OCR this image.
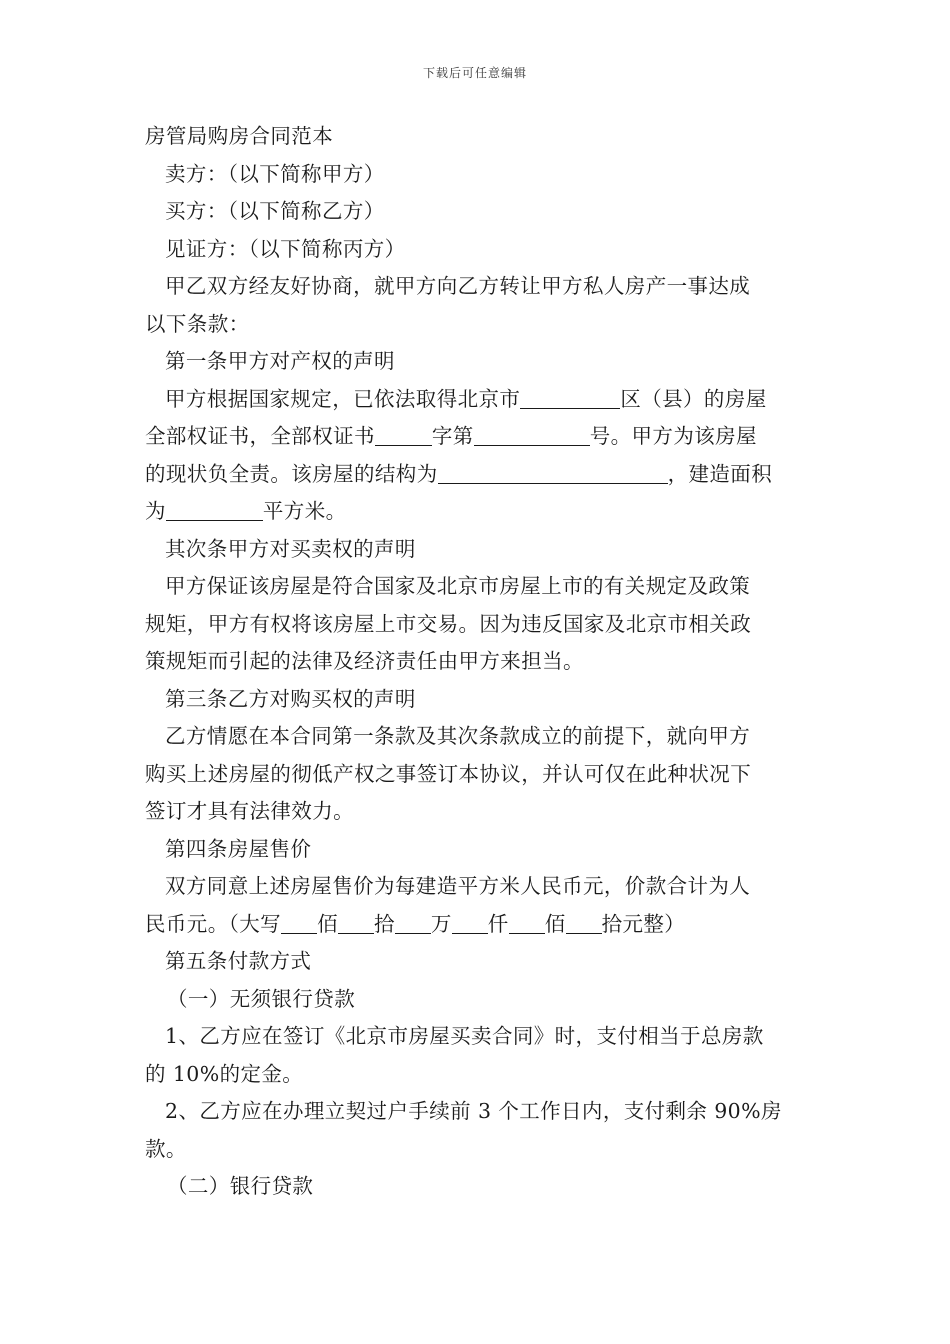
下载后可任意编辑
房管局购房合同范本
卖方：（以下简称甲方）
买方：（以下简称乙方）
见证方：（以下简称丙方）
甲乙双方经友好协商，就甲方向乙方转让甲方私人房产一事达成
以下条款：
第一条甲方对产权的声明
甲方根据国家规定，已依法取得北京市	区（县）的房屋
全部权证书，全部权证书	字第	号。甲方为该房屋
的现状负全责。该房屋的结构为	，建造面积
为	平方米。
其次条甲方对买卖权的声明
甲方保证该房屋是符合国家及北京市房屋上市的有关规定及政策
规矩，甲方有权将该房屋上市交易。因为违反国家及北京市相关政
策规矩而引起的法律及经济责任由甲方来担当。
第三条乙方对购买权的声明
乙方情愿在本合同第一条款及其次条款成立的前提下，就向甲方
购买上述房屋的彻低产权之事签订本协议，并认可仅在此种状况下
签订才具有法律效力。
第四条房屋售价
双方同意上述房屋售价为每建造平方米人民币元，价款合计为人
民币元。（大写 佰 拾 万 仟 佰 拾元整）
第五条付款方式
（一）无须银行贷款
1、乙方应在签订《北京市房屋买卖合同》时，支付相当于总房款
的 10%的定金。
2、乙方应在办理立契过户手续前 3 个工作日内，支付剩余 90%房
款。
（二）银行贷款
